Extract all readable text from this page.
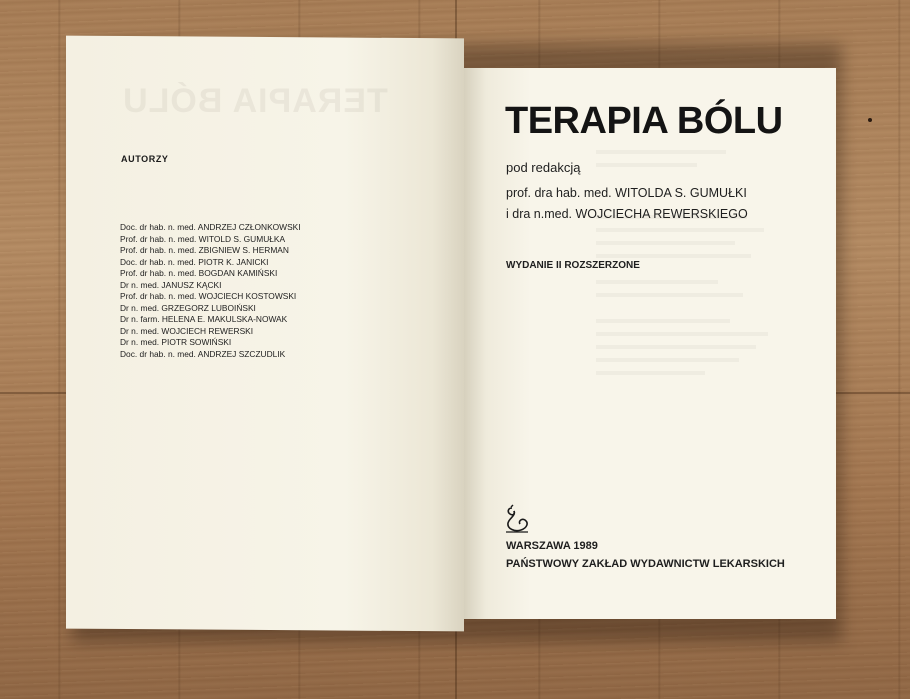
TERAPIA BÓLU
AUTORZY
Doc. dr hab. n. med. ANDRZEJ CZŁONKOWSKI
Prof. dr hab. n. med. WITOLD S. GUMUŁKA
Prof. dr hab. n. med. ZBIGNIEW S. HERMAN
Doc. dr hab. n. med. PIOTR K. JANICKI
Prof. dr hab. n. med. BOGDAN KAMIŃSKI
Dr n. med. JANUSZ KĄCKI
Prof. dr hab. n. med. WOJCIECH KOSTOWSKI
Dr n. med. GRZEGORZ LUBOIŃSKI
Dr n. farm. HELENA E. MAKULSKA-NOWAK
Dr n. med. WOJCIECH REWERSKI
Dr n. med. PIOTR SOWIŃSKI
Doc. dr hab. n. med. ANDRZEJ SZCZUDLIK
TERAPIA BÓLU
pod redakcją
prof. dra hab. med. WITOLDA S. GUMUŁKI
i dra n.med. WOJCIECHA REWERSKIEGO
WYDANIE II ROZSZERZONE
WARSZAWA 1989
PAŃSTWOWY ZAKŁAD WYDAWNICTW LEKARSKICH
